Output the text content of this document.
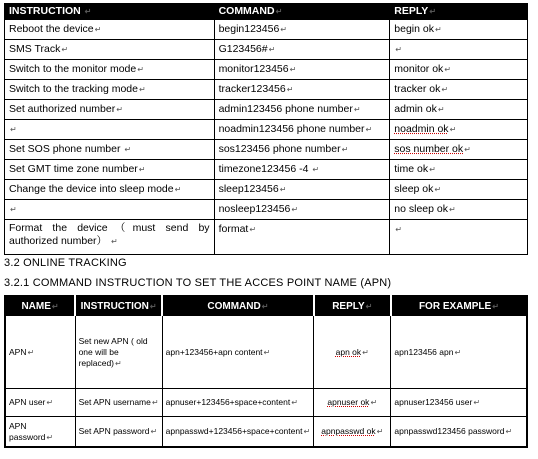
INSTRUCTION ↵	COMMAND↵	REPLY↵
Reboot the device↵	begin123456↵	begin ok↵
SMS Track↵	G123456#↵	↵
Switch to the monitor mode↵	monitor123456↵	monitor ok↵
Switch to the tracking mode↵	tracker123456↵	tracker ok↵
Set authorized number↵	admin123456 phone number↵	admin ok↵
↵	noadmin123456 phone number↵	noadmin ok↵
Set SOS phone number ↵	sos123456 phone number↵	sos number ok↵
Set GMT time zone number↵	timezone123456 -4 ↵	time ok↵
Change the device into sleep mode↵	sleep123456↵	sleep ok↵
↵	nosleep123456↵	no sleep ok↵
Format the device（must send by authorized number） ↵	format↵	↵
3.2 ONLINE TRACKING
3.2.1 COMMAND INSTRUCTION TO SET THE ACCES POINT NAME (APN)
NAME↵	INSTRUCTION↵	COMMAND↵	REPLY↵	FOR EXAMPLE↵
APN↵	Set new APN ( old one will be replaced)↵	apn+123456+apn content↵	apn ok↵	apn123456 apn↵
APN user↵	Set APN username↵	apnuser+123456+space+content↵	apnuser ok↵	apnuser123456 user↵
APN password↵	Set APN password↵	apnpasswd+123456+space+content↵	apnpasswd ok↵	apnpasswd123456 password↵
